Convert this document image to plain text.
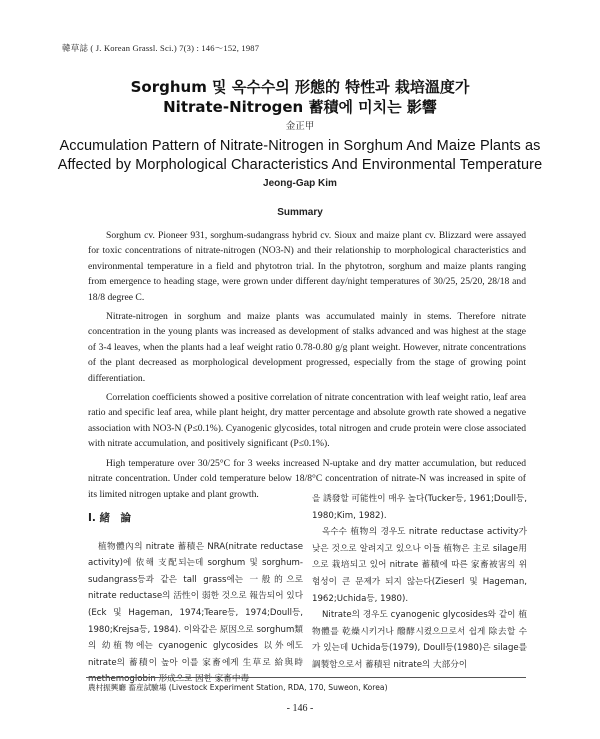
韓草誌 ( J. Korean Grassl. Sci.) 7(3) : 146～152, 1987
Sorghum 및 옥수수의 形態的 特性과 栽培溫度가
Nitrate-Nitrogen 蓄積에 미치는 影響
金正甲
Accumulation Pattern of Nitrate-Nitrogen in Sorghum And Maize Plants as
Affected by Morphological Characteristics And Environmental Temperature
Jeong-Gap Kim
Summary

Sorghum cv. Pioneer 931, sorghum-sudangrass hybrid cv. Sioux and maize plant cv. Blizzard were assayed for toxic concentrations of nitrate-nitrogen (NO3-N) and their relationship to morphological characteristics and environmental temperature in a field and phytotron trial. In the phytotron, sorghum and maize plants ranging from emergence to heading stage, were grown under different day/night temperatures of 30/25, 25/20, 28/18 and 18/8 degree C.

Nitrate-nitrogen in sorghum and maize plants was accumulated mainly in stems. Therefore nitrate concentration in the young plants was increased as development of stalks advanced and was highest at the stage of 3-4 leaves, when the plants had a leaf weight ratio 0.78-0.80 g/g plant weight. However, nitrate concentrations of the plant decreased as morphological development progressed, especially from the stage of growing point differentiation.

Correlation coefficients showed a positive correlation of nitrate concentration with leaf weight ratio, leaf area ratio and specific leaf area, while plant height, dry matter percentage and absolute growth rate showed a negative association with NO3-N (P≤0.1%). Cyanogenic glycosides, total nitrogen and crude protein were close associated with nitrate accumulation, and positively significant (P≤0.1%).

High temperature over 30/25°C for 3 weeks increased N-uptake and dry matter accumulation, but reduced nitrate concentration. Under cold temperature below 18/8°C concentration of nitrate-N was increased in spite of its limited nitrogen uptake and plant growth.

I. 緒　論

植物體內의 nitrate 蓄積은 NRA(nitrate reductase activity)에 依해 支配되는데 sorghum 및 sorghum-sudangrass등과 같은 tall grass에는 一般的으로 nitrate reductase의 活性이 弱한 것으로 報告되어 있다(Eck 및 Hageman, 1974;Teare등, 1974;Doull등, 1980;Krejsa등, 1984). 이와같은 原因으로 sorghum類의 幼植物에는 cyanogenic glycosides 以外에도 nitrate의 蓄積이 높아 이를 家畜에게 生草로 給與時 methemoglobin 形成으로 因한 家畜中毒

을 誘發할 可能性이 매우 높다(Tucker등, 1961;Doull등, 1980;Kim, 1982).

옥수수 植物의 경우도 nitrate reductase activity가 낮은 것으로 알려지고 있으나 이들 植物은 主로 silage用으로 栽培되고 있어 nitrate 蓄積에 따른 家畜被害의 위험성이 큰 문제가 되지 않는다(Zieserl 및 Hageman, 1962;Uchida등, 1980).

Nitrate의 경우도 cyanogenic glycosides와 같이 植物體를 乾燥시키거나 醱酵시켰으므로서 쉽게 除去할 수가 있는데 Uchida등(1979), Doull등(1980)은 silage를 調製함으로서 蓄積된 nitrate의 大部分이

農村振興廳 畜産試驗場 (Livestock Experiment Station, RDA, 170, Suweon, Korea)
- 146 -
